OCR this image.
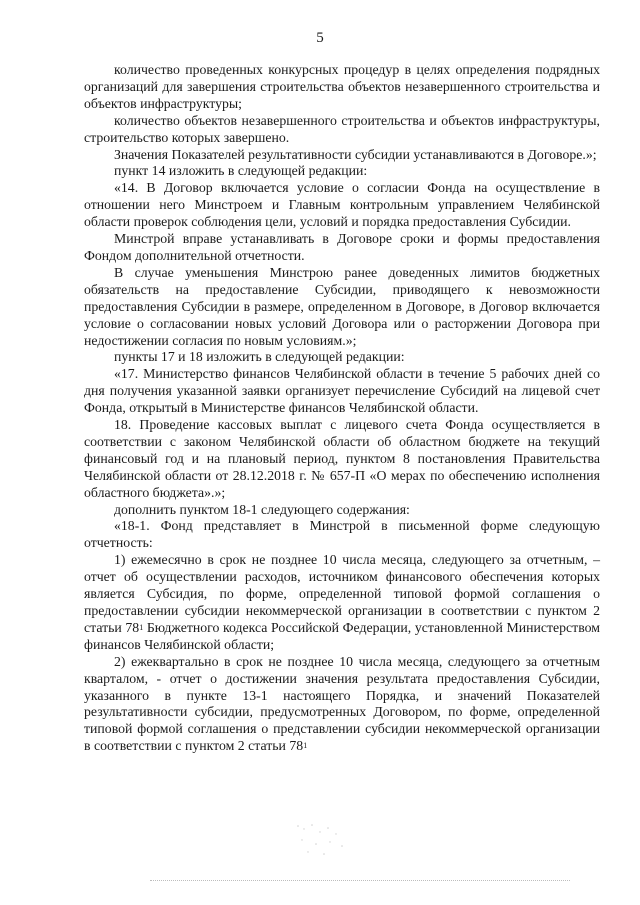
5

количество проведенных конкурсных процедур в целях определения подрядных организаций для завершения строительства объектов незавершенного строительства и объектов инфраструктуры;

количество объектов незавершенного строительства и объектов инфраструктуры, строительство которых завершено.

Значения Показателей результативности субсидии устанавливаются в Договоре.»;

пункт 14 изложить в следующей редакции:

«14. В Договор включается условие о согласии Фонда на осуществление в отношении него Минстроем и Главным контрольным управлением Челябинской области проверок соблюдения цели, условий и порядка предоставления Субсидии.

Минстрой вправе устанавливать в Договоре сроки и формы предоставления Фондом дополнительной отчетности.

В случае уменьшения Минстрою ранее доведенных лимитов бюджетных обязательств на предоставление Субсидии, приводящего к невозможности предоставления Субсидии в размере, определенном в Договоре, в Договор включается условие о согласовании новых условий Договора или о расторжении Договора при недостижении согласия по новым условиям.»;

пункты 17 и 18 изложить в следующей редакции:

«17. Министерство финансов Челябинской области в течение 5 рабочих дней со дня получения указанной заявки организует перечисление Субсидий на лицевой счет Фонда, открытый в Министерстве финансов Челябинской области.

18. Проведение кассовых выплат с лицевого счета Фонда осуществляется в соответствии с законом Челябинской области об областном бюджете на текущий финансовый год и на плановый период, пунктом 8 постановления Правительства Челябинской области от 28.12.2018 г. № 657-П «О мерах по обеспечению исполнения областного бюджета».»;

дополнить пунктом 18-1 следующего содержания:

«18-1. Фонд представляет в Минстрой в письменной форме следующую отчетность:

1) ежемесячно в срок не позднее 10 числа месяца, следующего за отчетным, – отчет об осуществлении расходов, источником финансового обеспечения которых является Субсидия, по форме, определенной типовой формой соглашения о предоставлении субсидии некоммерческой организации в соответствии с пунктом 2 статьи $78^1$ Бюджетного кодекса Российской Федерации, установленной Министерством финансов Челябинской области;

2) ежеквартально в срок не позднее 10 числа месяца, следующего за отчетным кварталом, - отчет о достижении значения результата предоставления Субсидии, указанного в пункте 13-1 настоящего Порядка, и значений Показателей результативности субсидии, предусмотренных Договором, по форме, определенной типовой формой соглашения о представлении субсидии некоммерческой организации в соответствии с пунктом 2 статьи $78^1$
